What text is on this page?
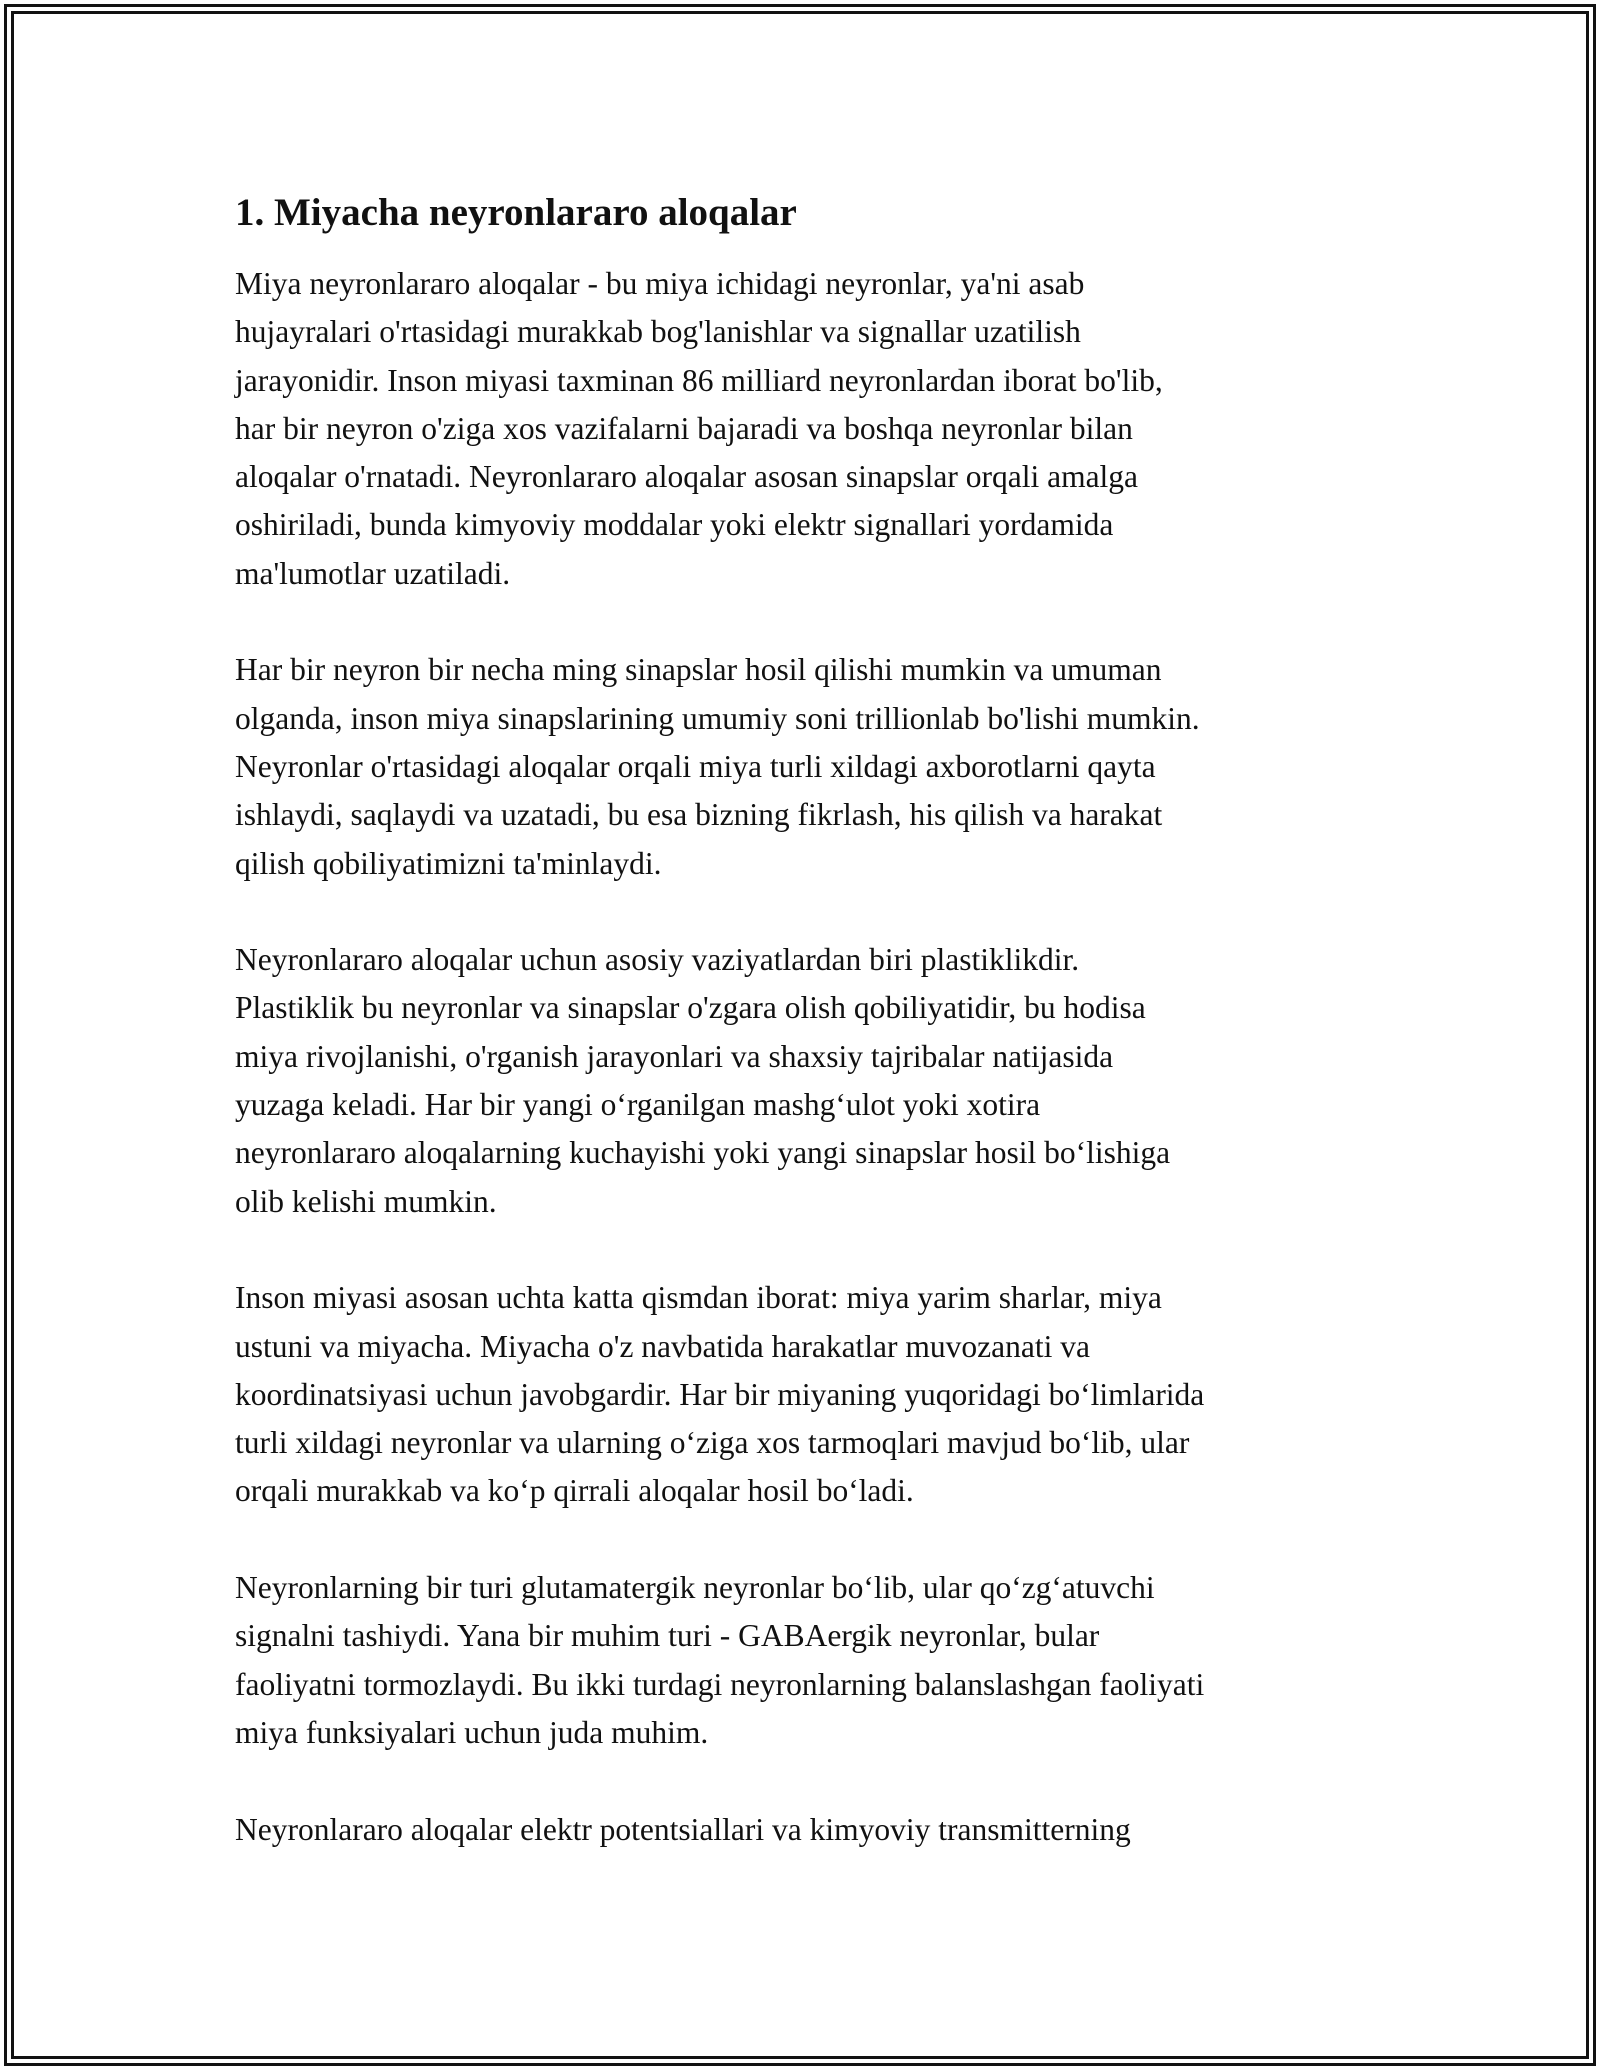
1. Miyacha neyronlararo aloqalar

Miya neyronlararo aloqalar - bu miya ichidagi neyronlar, ya'ni asab
hujayralari o'rtasidagi murakkab bog'lanishlar va signallar uzatilish
jarayonidir. Inson miyasi taxminan 86 milliard neyronlardan iborat bo'lib,
har bir neyron o'ziga xos vazifalarni bajaradi va boshqa neyronlar bilan
aloqalar o'rnatadi. Neyronlararo aloqalar asosan sinapslar orqali amalga
oshiriladi, bunda kimyoviy moddalar yoki elektr signallari yordamida
ma'lumotlar uzatiladi.

Har bir neyron bir necha ming sinapslar hosil qilishi mumkin va umuman
olganda, inson miya sinapslarining umumiy soni trillionlab bo'lishi mumkin.
Neyronlar o'rtasidagi aloqalar orqali miya turli xildagi axborotlarni qayta
ishlaydi, saqlaydi va uzatadi, bu esa bizning fikrlash, his qilish va harakat
qilish qobiliyatimizni ta'minlaydi.

Neyronlararo aloqalar uchun asosiy vaziyatlardan biri plastiklikdir.
Plastiklik bu neyronlar va sinapslar o'zgara olish qobiliyatidir, bu hodisa
miya rivojlanishi, o'rganish jarayonlari va shaxsiy tajribalar natijasida
yuzaga keladi. Har bir yangi oʻrganilgan mashgʻulot yoki xotira
neyronlararo aloqalarning kuchayishi yoki yangi sinapslar hosil boʻlishiga
olib kelishi mumkin.

Inson miyasi asosan uchta katta qismdan iborat: miya yarim sharlar, miya
ustuni va miyacha. Miyacha o'z navbatida harakatlar muvozanati va
koordinatsiyasi uchun javobgardir. Har bir miyaning yuqoridagi boʻlimlarida
turli xildagi neyronlar va ularning oʻziga xos tarmoqlari mavjud boʻlib, ular
orqali murakkab va koʻp qirrali aloqalar hosil boʻladi.

Neyronlarning bir turi glutamatergik neyronlar boʻlib, ular qoʻzgʻatuvchi
signalni tashiydi. Yana bir muhim turi - GABAergik neyronlar, bular
faoliyatni tormozlaydi. Bu ikki turdagi neyronlarning balanslashgan faoliyati
miya funksiyalari uchun juda muhim.

Neyronlararo aloqalar elektr potentsiallari va kimyoviy transmitterning
